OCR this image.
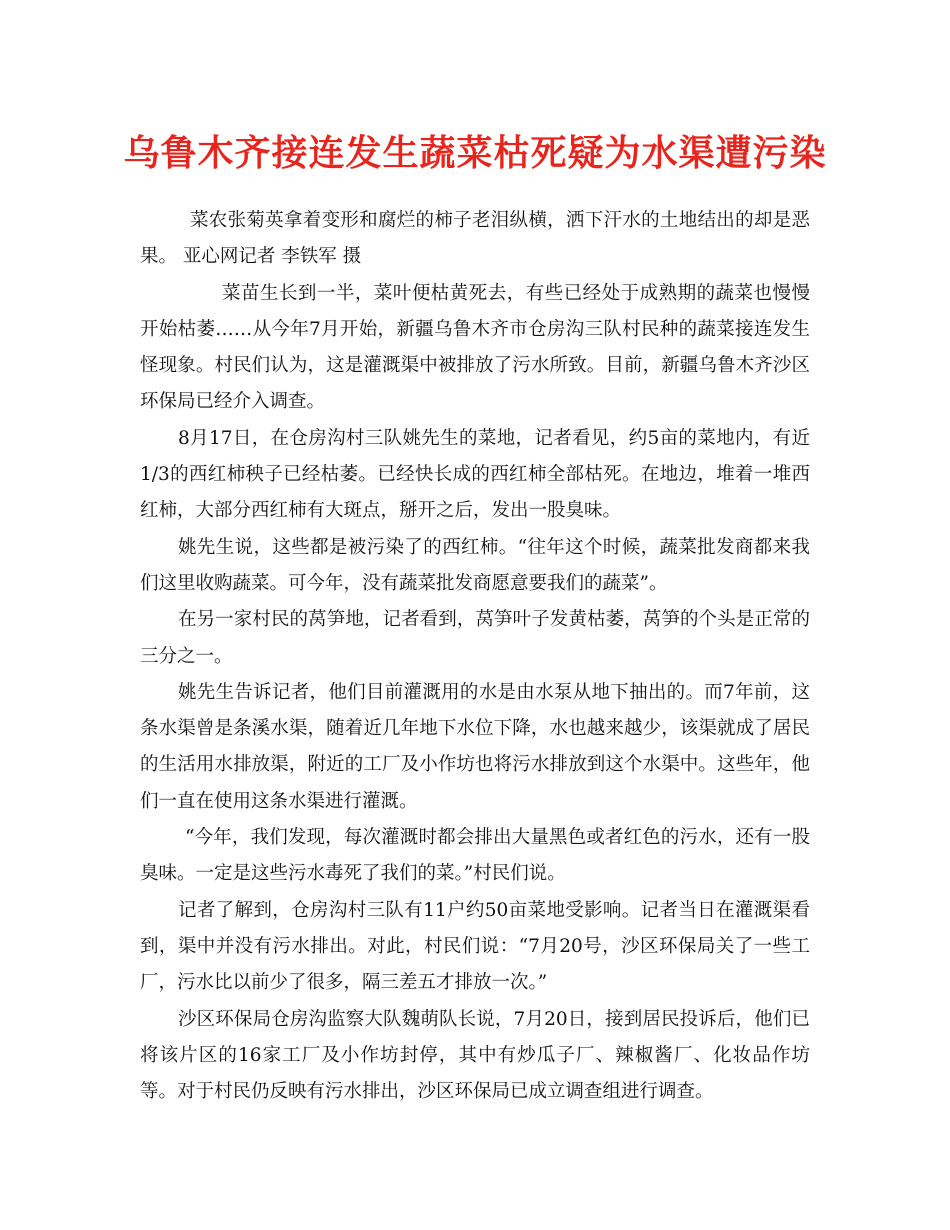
乌鲁木齐接连发生蔬菜枯死疑为水渠遭污染

菜农张菊英拿着变形和腐烂的柿子老泪纵横，洒下汗水的土地结出的却是恶果。 亚心网记者 李铁军 摄

菜苗生长到一半，菜叶便枯黄死去，有些已经处于成熟期的蔬菜也慢慢开始枯萎……从今年7月开始，新疆乌鲁木齐市仓房沟三队村民种的蔬菜接连发生怪现象。村民们认为，这是灌溉渠中被排放了污水所致。目前，新疆乌鲁木齐沙区环保局已经介入调查。

8月17日，在仓房沟村三队姚先生的菜地，记者看见，约5亩的菜地内，有近1/3的西红柿秧子已经枯萎。已经快长成的西红柿全部枯死。在地边，堆着一堆西红柿，大部分西红柿有大斑点，掰开之后，发出一股臭味。

姚先生说，这些都是被污染了的西红柿。“往年这个时候，蔬菜批发商都来我们这里收购蔬菜。可今年，没有蔬菜批发商愿意要我们的蔬菜”。

在另一家村民的莴笋地，记者看到，莴笋叶子发黄枯萎，莴笋的个头是正常的三分之一。

姚先生告诉记者，他们目前灌溉用的水是由水泵从地下抽出的。而7年前，这条水渠曾是条溪水渠，随着近几年地下水位下降，水也越来越少，该渠就成了居民的生活用水排放渠，附近的工厂及小作坊也将污水排放到这个水渠中。这些年，他们一直在使用这条水渠进行灌溉。

“今年，我们发现，每次灌溉时都会排出大量黑色或者红色的污水，还有一股臭味。一定是这些污水毒死了我们的菜。”村民们说。

记者了解到，仓房沟村三队有11户约50亩菜地受影响。记者当日在灌溉渠看到，渠中并没有污水排出。对此，村民们说：“7月20号，沙区环保局关了一些工厂，污水比以前少了很多，隔三差五才排放一次。”

沙区环保局仓房沟监察大队魏萌队长说，7月20日，接到居民投诉后，他们已将该片区的16家工厂及小作坊封停，其中有炒瓜子厂、辣椒酱厂、化妆品作坊等。对于村民仍反映有污水排出，沙区环保局已成立调查组进行调查。
